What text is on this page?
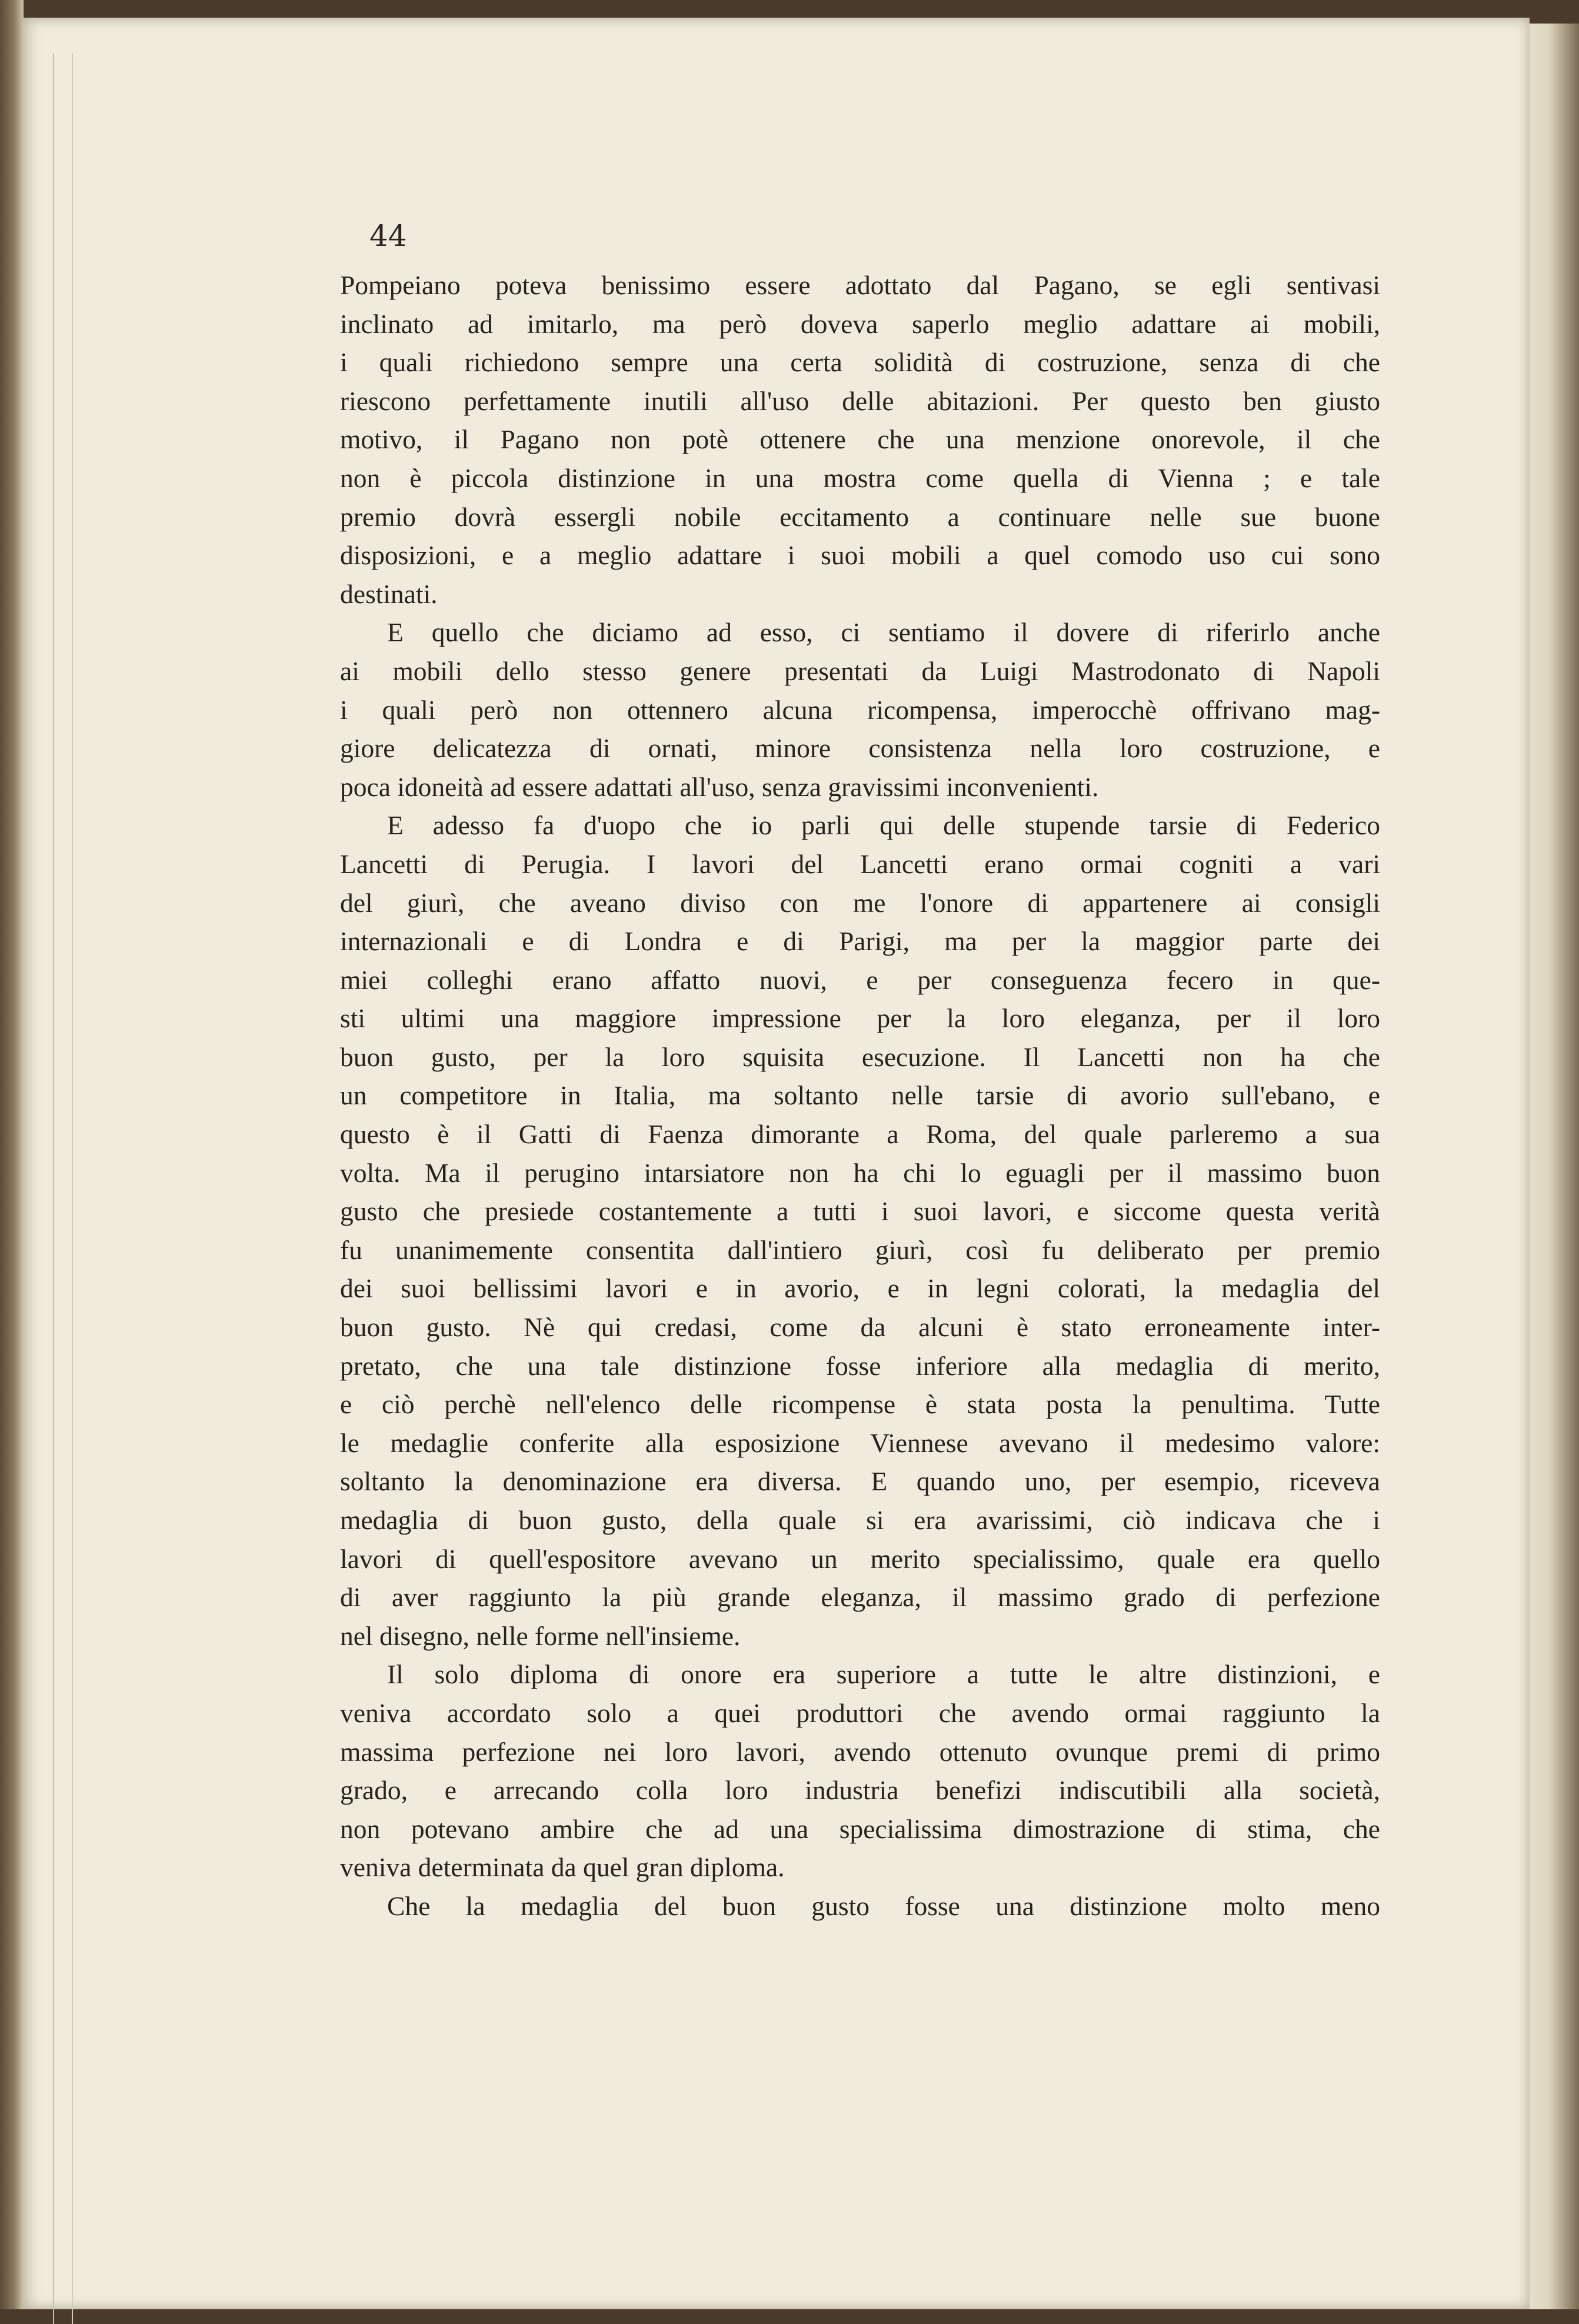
44

Pompeiano poteva benissimo essere adottato dal Pagano, se egli sentivasi
inclinato ad imitarlo, ma però doveva saperlo meglio adattare ai mobili,
i quali richiedono sempre una certa solidità di costruzione, senza di che
riescono perfettamente inutili all'uso delle abitazioni. Per questo ben giusto
motivo, il Pagano non potè ottenere che una menzione onorevole, il che
non è piccola distinzione in una mostra come quella di Vienna ; e tale
premio dovrà essergli nobile eccitamento a continuare nelle sue buone
disposizioni, e a meglio adattare i suoi mobili a quel comodo uso cui sono
destinati.
E quello che diciamo ad esso, ci sentiamo il dovere di riferirlo anche
ai mobili dello stesso genere presentati da Luigi Mastrodonato di Napoli
i quali però non ottennero alcuna ricompensa, imperocchè offrivano mag-
giore delicatezza di ornati, minore consistenza nella loro costruzione, e
poca idoneità ad essere adattati all'uso, senza gravissimi inconvenienti.
E adesso fa d'uopo che io parli qui delle stupende tarsie di Federico
Lancetti di Perugia. I lavori del Lancetti erano ormai cogniti a vari
del giurì, che aveano diviso con me l'onore di appartenere ai consigli
internazionali e di Londra e di Parigi, ma per la maggior parte dei
miei colleghi erano affatto nuovi, e per conseguenza fecero in que-
sti ultimi una maggiore impressione per la loro eleganza, per il loro
buon gusto, per la loro squisita esecuzione. Il Lancetti non ha che
un competitore in Italia, ma soltanto nelle tarsie di avorio sull'ebano, e
questo è il Gatti di Faenza dimorante a Roma, del quale parleremo a sua
volta. Ma il perugino intarsiatore non ha chi lo eguagli per il massimo buon
gusto che presiede costantemente a tutti i suoi lavori, e siccome questa verità
fu unanimemente consentita dall'intiero giurì, così fu deliberato per premio
dei suoi bellissimi lavori e in avorio, e in legni colorati, la medaglia del
buon gusto. Nè qui credasi, come da alcuni è stato erroneamente inter-
pretato, che una tale distinzione fosse inferiore alla medaglia di merito,
e ciò perchè nell'elenco delle ricompense è stata posta la penultima. Tutte
le medaglie conferite alla esposizione Viennese avevano il medesimo valore:
soltanto la denominazione era diversa. E quando uno, per esempio, riceveva
medaglia di buon gusto, della quale si era avarissimi, ciò indicava che i
lavori di quell'espositore avevano un merito specialissimo, quale era quello
di aver raggiunto la più grande eleganza, il massimo grado di perfezione
nel disegno, nelle forme nell'insieme.
Il solo diploma di onore era superiore a tutte le altre distinzioni, e
veniva accordato solo a quei produttori che avendo ormai raggiunto la
massima perfezione nei loro lavori, avendo ottenuto ovunque premi di primo
grado, e arrecando colla loro industria benefizi indiscutibili alla società,
non potevano ambire che ad una specialissima dimostrazione di stima, che
veniva determinata da quel gran diploma.
Che la medaglia del buon gusto fosse una distinzione molto meno
